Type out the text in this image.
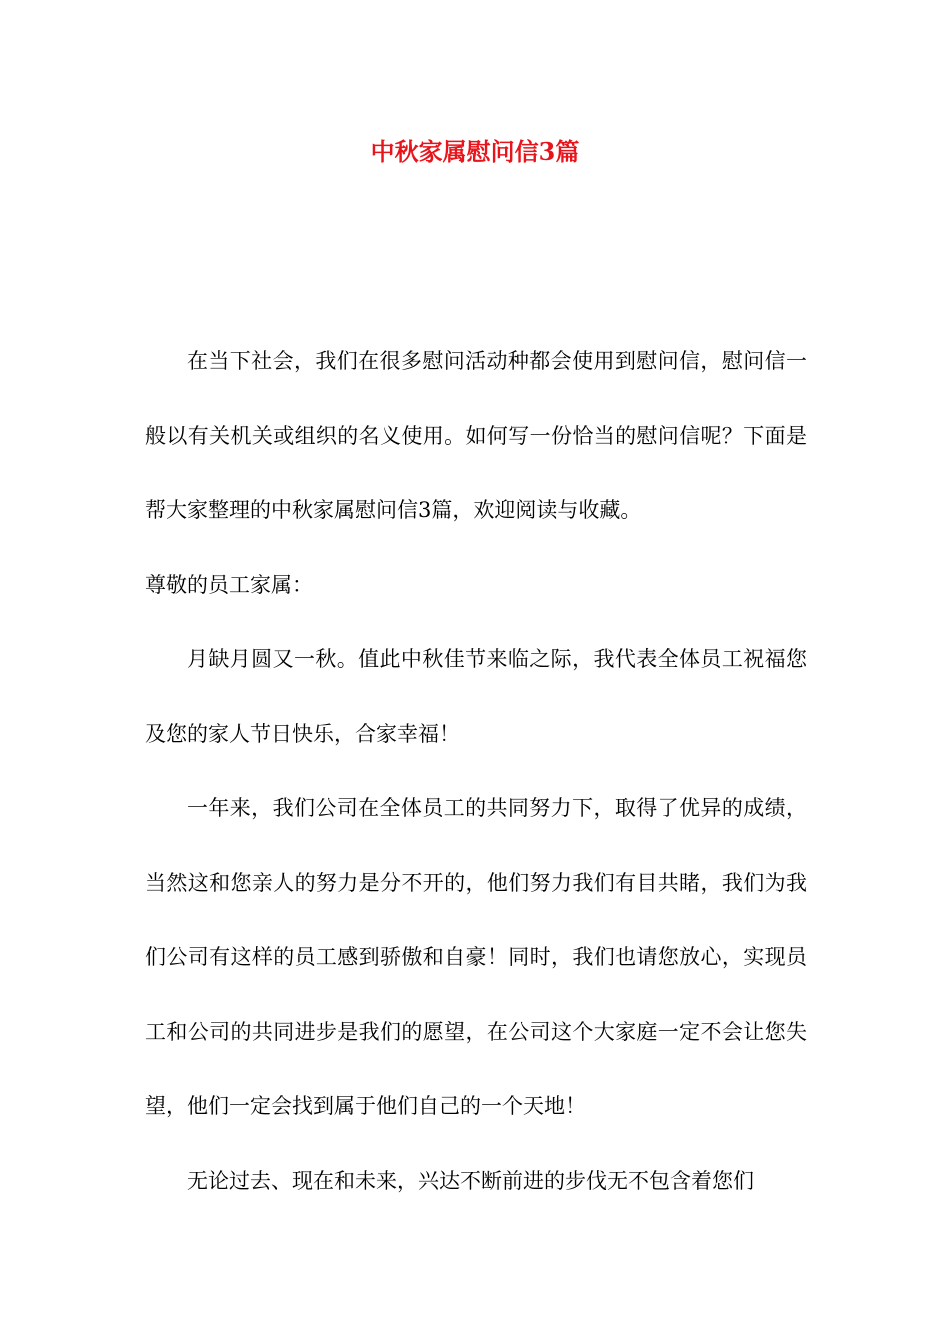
中秋家属慰问信3篇

在当下社会，我们在很多慰问活动种都会使用到慰问信，慰问信一般以有关机关或组织的名义使用。如何写一份恰当的慰问信呢？下面是帮大家整理的中秋家属慰问信3篇，欢迎阅读与收藏。

尊敬的员工家属：

月缺月圆又一秋。值此中秋佳节来临之际，我代表全体员工祝福您及您的家人节日快乐，合家幸福！

一年来，我们公司在全体员工的共同努力下，取得了优异的成绩，当然这和您亲人的努力是分不开的，他们努力我们有目共睹，我们为我们公司有这样的员工感到骄傲和自豪！同时，我们也请您放心，实现员工和公司的共同进步是我们的愿望，在公司这个大家庭一定不会让您失望，他们一定会找到属于他们自己的一个天地！

无论过去、现在和未来，兴达不断前进的步伐无不包含着您们
